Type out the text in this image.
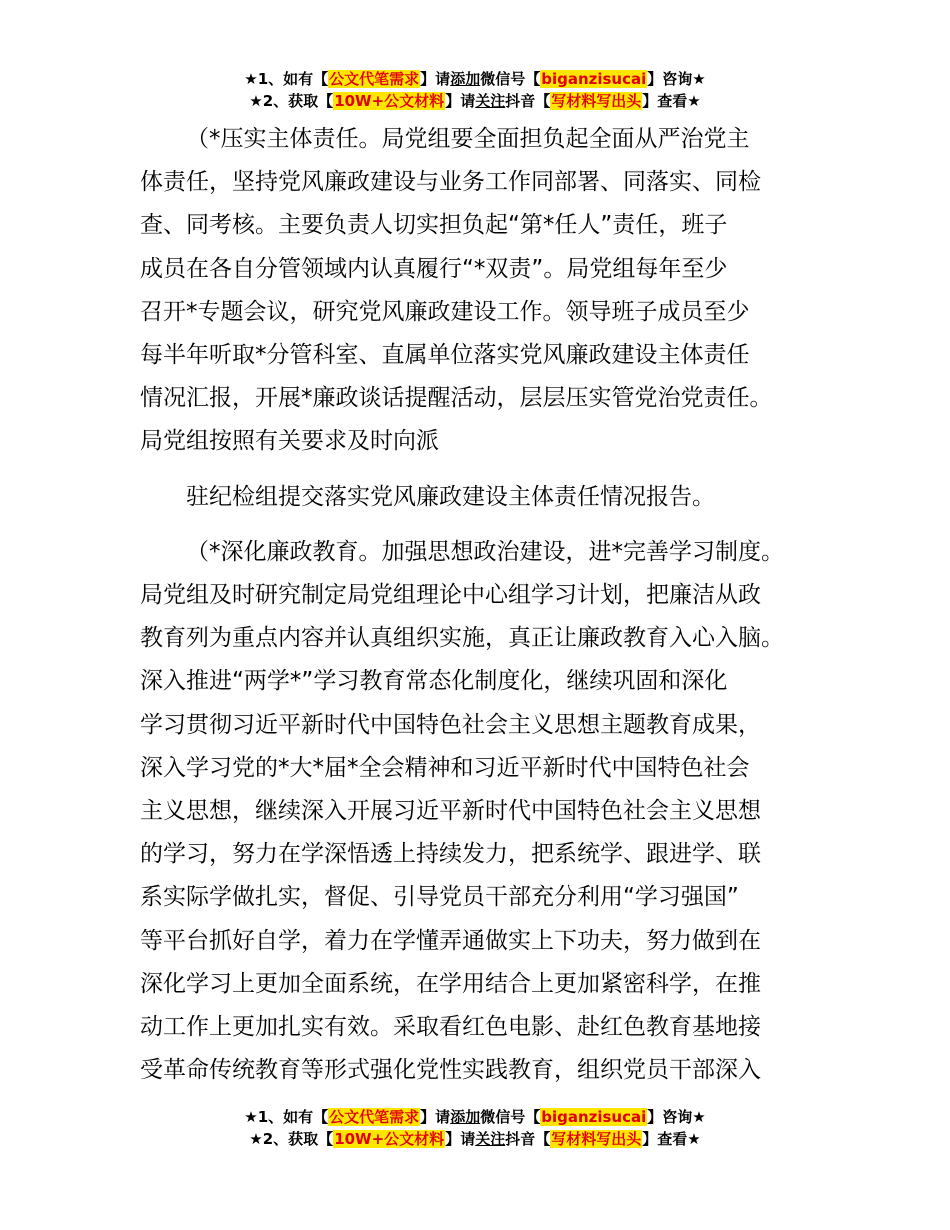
★1、如有【公文代笔需求】请添加微信号【biganzisucai】咨询★
★2、获取【10W+公文材料】请关注抖音【写材料写出头】查看★

（*压实主体责任。局党组要全面担负起全面从严治党主
体责任，坚持党风廉政建设与业务工作同部署、同落实、同检
查、同考核。主要负责人切实担负起“第*任人”责任，班子
成员在各自分管领域内认真履行“*双责”。局党组每年至少
召开*专题会议，研究党风廉政建设工作。领导班子成员至少
每半年听取*分管科室、直属单位落实党风廉政建设主体责任
情况汇报，开展*廉政谈话提醒活动，层层压实管党治党责任。
局党组按照有关要求及时向派

驻纪检组提交落实党风廉政建设主体责任情况报告。

（*深化廉政教育。加强思想政治建设，进*完善学习制度。
局党组及时研究制定局党组理论中心组学习计划，把廉洁从政
教育列为重点内容并认真组织实施，真正让廉政教育入心入脑。
深入推进“两学*”学习教育常态化制度化，继续巩固和深化
学习贯彻习近平新时代中国特色社会主义思想主题教育成果，
深入学习党的*大*届*全会精神和习近平新时代中国特色社会
主义思想，继续深入开展习近平新时代中国特色社会主义思想
的学习，努力在学深悟透上持续发力，把系统学、跟进学、联
系实际学做扎实，督促、引导党员干部充分利用“学习强国”
等平台抓好自学，着力在学懂弄通做实上下功夫，努力做到在
深化学习上更加全面系统，在学用结合上更加紧密科学，在推
动工作上更加扎实有效。采取看红色电影、赴红色教育基地接
受革命传统教育等形式强化党性实践教育，组织党员干部深入

★1、如有【公文代笔需求】请添加微信号【biganzisucai】咨询★
★2、获取【10W+公文材料】请关注抖音【写材料写出头】查看★
